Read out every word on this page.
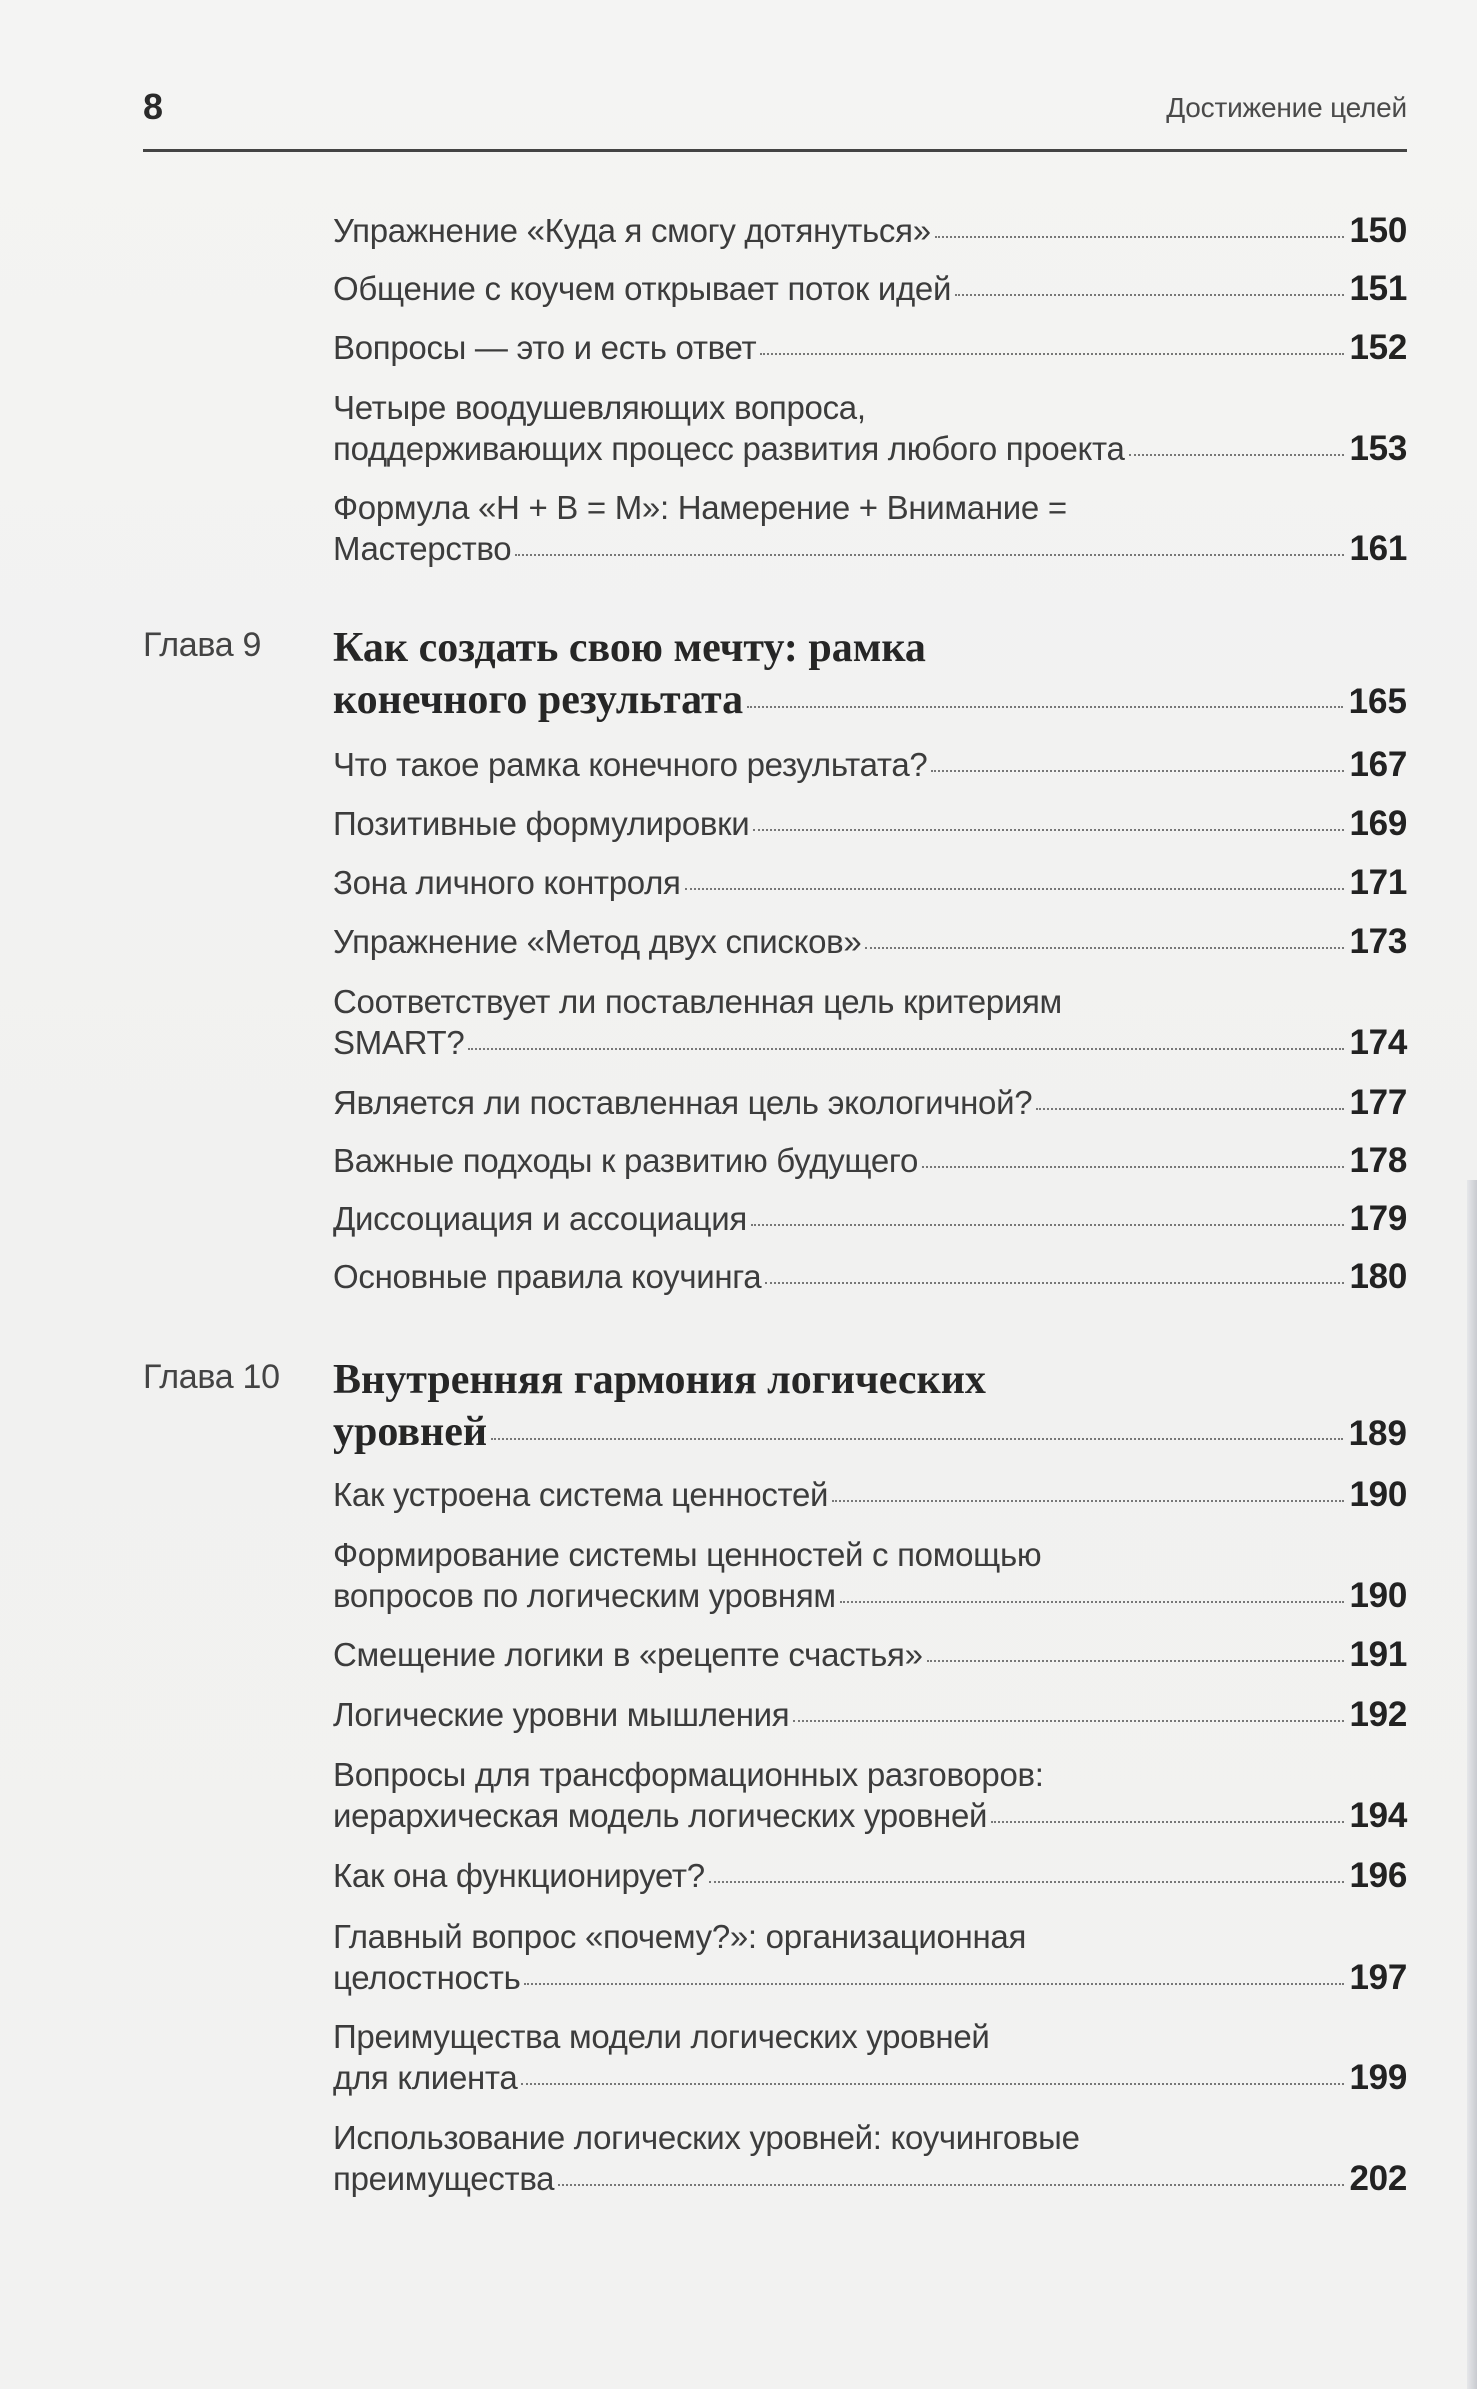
8	Достижение целей
Упражнение «Куда я смогу дотянуться»	150
Общение с коучем открывает поток идей	151
Вопросы — это и есть ответ	152
Четыре воодушевляющих вопроса,
поддерживающих процесс развития любого проекта	153
Формула «Н + В = М»: Намерение + Внимание =
Мастерство	161
Глава 9 Как создать свою мечту: рамка
конечного результата	165
Что такое рамка конечного результата?	167
Позитивные формулировки	169
Зона личного контроля	171
Упражнение «Метод двух списков»	173
Соответствует ли поставленная цель критериям
SMART?	174
Является ли поставленная цель экологичной?	177
Важные подходы к развитию будущего	178
Диссоциация и ассоциация	179
Основные правила коучинга	180
Глава 10 Внутренняя гармония логических
уровней	189
Как устроена система ценностей	190
Формирование системы ценностей с помощью
вопросов по логическим уровням	190
Смещение логики в «рецепте счастья»	191
Логические уровни мышления	192
Вопросы для трансформационных разговоров:
иерархическая модель логических уровней	194
Как она функционирует?	196
Главный вопрос «почему?»: организационная
целостность	197
Преимущества модели логических уровней
для клиента	199
Использование логических уровней: коучинговые
преимущества	202
